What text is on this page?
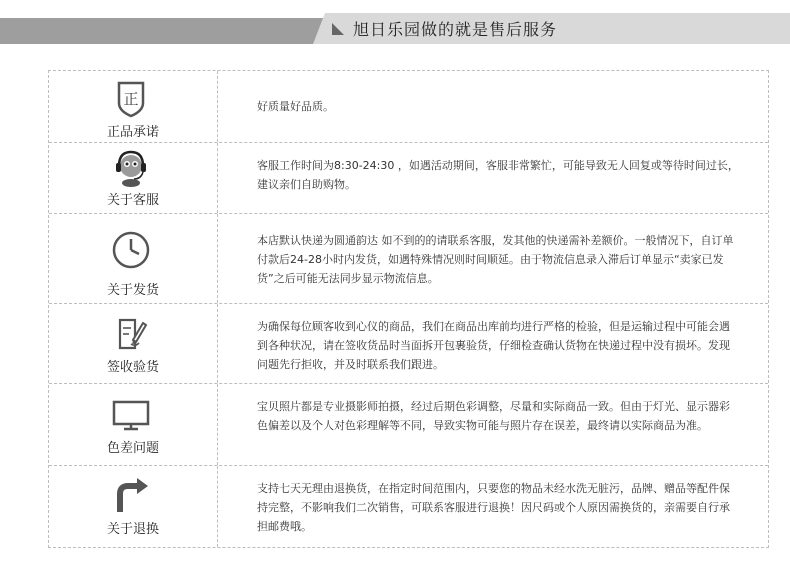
旭日乐园做的就是售后服务
正
正品承诺
好质量好品质。
关于客服
客服工作时间为8:30-24:30 ，如遇活动期间，客服非常繁忙，可能导致无人回复或等待时间过长，建议亲们自助购物。
关于发货
本店默认快递为圆通韵达 如不到的的请联系客服，发其他的快递需补差额价。一般情况下，自订单付款后24-28小时内发货，如遇特殊情况则时间顺延。由于物流信息录入滞后订单显示“卖家已发货”之后可能无法同步显示物流信息。
签收验货
为确保每位顾客收到心仪的商品，我们在商品出库前均进行严格的检验，但是运输过程中可能会遇到各种状况，请在签收货品时当面拆开包裹验货，仔细检查确认货物在快递过程中没有损坏。发现问题先行拒收，并及时联系我们跟进。
色差问题
宝贝照片都是专业摄影师拍摄，经过后期色彩调整，尽量和实际商品一致。但由于灯光、显示器彩色偏差以及个人对色彩理解等不同，导致实物可能与照片存在误差，最终请以实际商品为准。
关于退换
支持七天无理由退换货，在指定时间范围内，只要您的物品未经水洗无脏污，品牌、赠品等配件保持完整，不影响我们二次销售，可联系客服进行退换！因尺码或个人原因需换货的，亲需要自行承担邮费哦。
